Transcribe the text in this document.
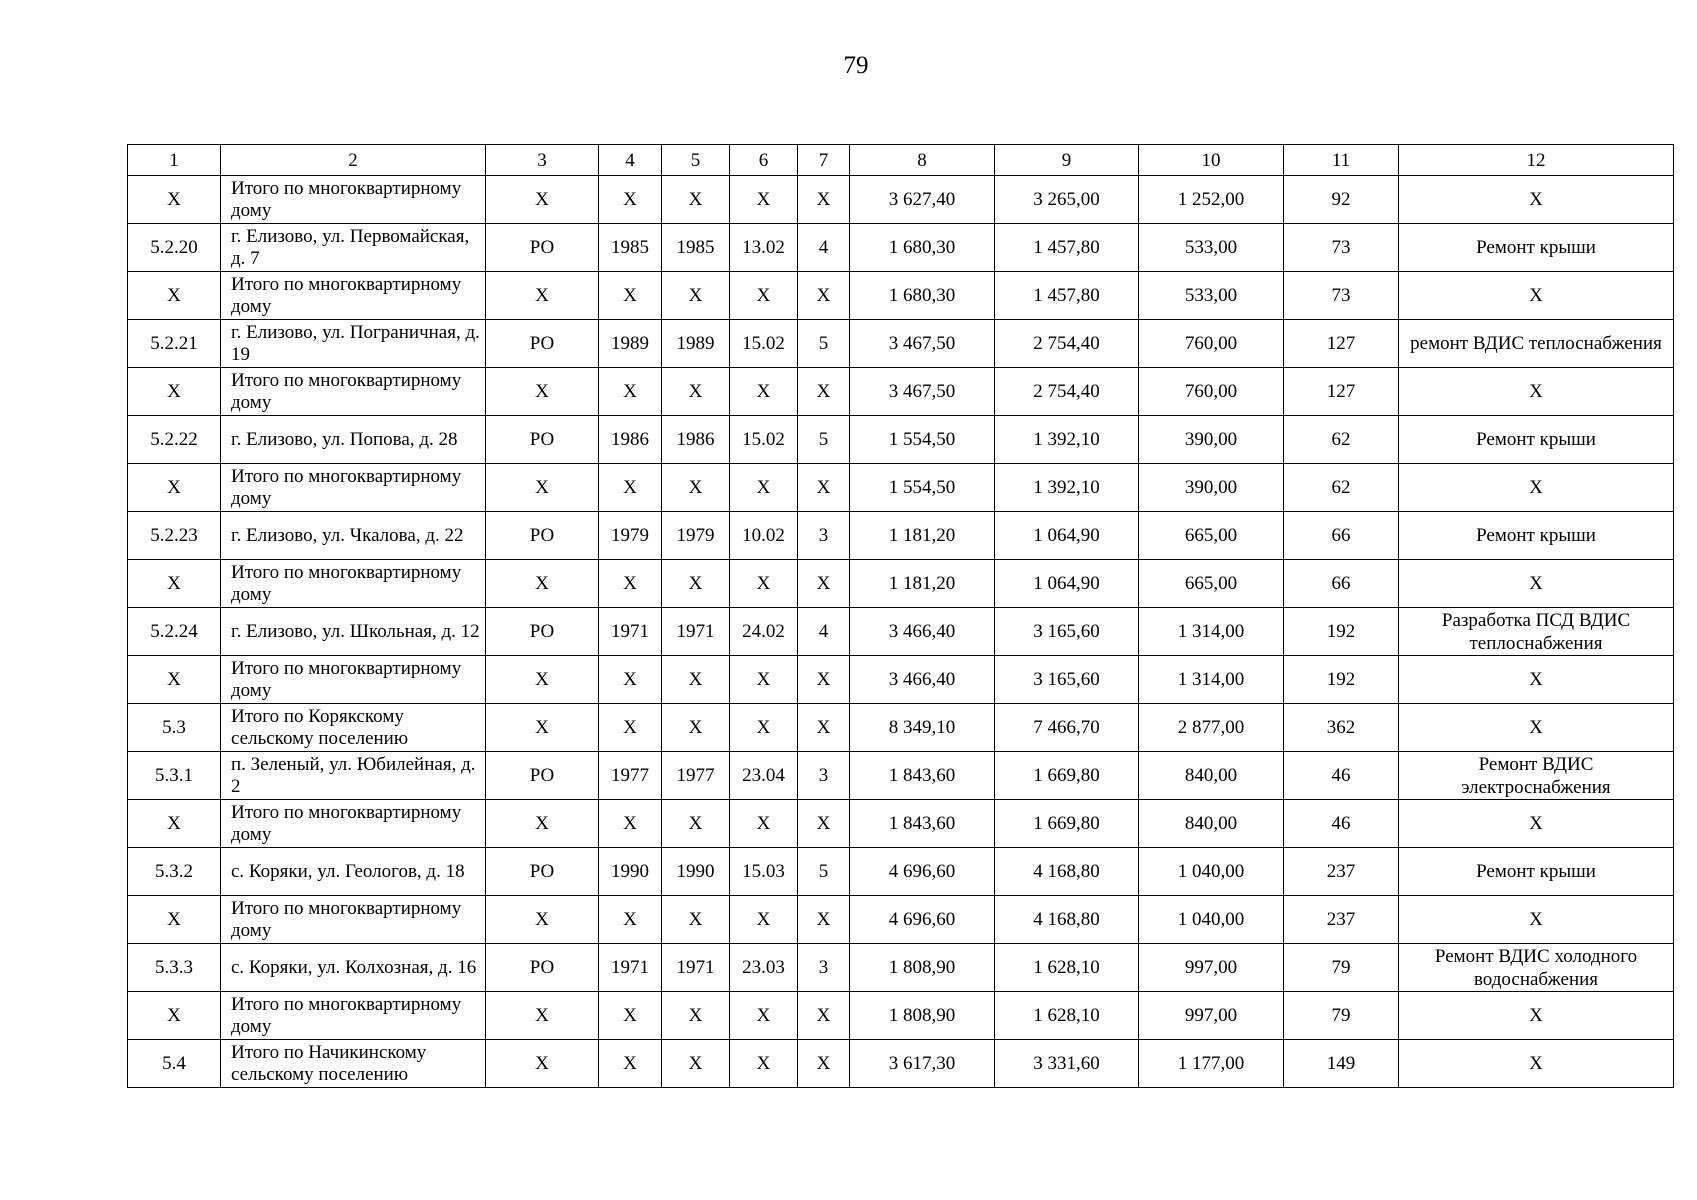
79
1	2	3	4	5	6	7	8	9	10	11	12
Х	Итого по многоквартирному дому	Х	Х	Х	Х	Х	3 627,40	3 265,00	1 252,00	92	Х
5.2.20	г. Елизово, ул. Первомайская, д. 7	РО	1985	1985	13.02	4	1 680,30	1 457,80	533,00	73	Ремонт крыши
Х	Итого по многоквартирному дому	Х	Х	Х	Х	Х	1 680,30	1 457,80	533,00	73	Х
5.2.21	г. Елизово, ул. Пограничная, д. 19	РО	1989	1989	15.02	5	3 467,50	2 754,40	760,00	127	ремонт ВДИС теплоснабжения
Х	Итого по многоквартирному дому	Х	Х	Х	Х	Х	3 467,50	2 754,40	760,00	127	Х
5.2.22	г. Елизово, ул. Попова, д. 28	РО	1986	1986	15.02	5	1 554,50	1 392,10	390,00	62	Ремонт крыши
Х	Итого по многоквартирному дому	Х	Х	Х	Х	Х	1 554,50	1 392,10	390,00	62	Х
5.2.23	г. Елизово, ул. Чкалова, д. 22	РО	1979	1979	10.02	3	1 181,20	1 064,90	665,00	66	Ремонт крыши
Х	Итого по многоквартирному дому	Х	Х	Х	Х	Х	1 181,20	1 064,90	665,00	66	Х
5.2.24	г. Елизово, ул. Школьная, д. 12	РО	1971	1971	24.02	4	3 466,40	3 165,60	1 314,00	192	Разработка ПСД ВДИС теплоснабжения
Х	Итого по многоквартирному дому	Х	Х	Х	Х	Х	3 466,40	3 165,60	1 314,00	192	Х
5.3	Итого по Корякскому сельскому поселению	Х	Х	Х	Х	Х	8 349,10	7 466,70	2 877,00	362	Х
5.3.1	п. Зеленый, ул. Юбилейная, д. 2	РО	1977	1977	23.04	3	1 843,60	1 669,80	840,00	46	Ремонт ВДИС электроснабжения
Х	Итого по многоквартирному дому	Х	Х	Х	Х	Х	1 843,60	1 669,80	840,00	46	Х
5.3.2	с. Коряки, ул. Геологов, д. 18	РО	1990	1990	15.03	5	4 696,60	4 168,80	1 040,00	237	Ремонт крыши
Х	Итого по многоквартирному дому	Х	Х	Х	Х	Х	4 696,60	4 168,80	1 040,00	237	Х
5.3.3	с. Коряки, ул. Колхозная, д. 16	РО	1971	1971	23.03	3	1 808,90	1 628,10	997,00	79	Ремонт ВДИС холодного водоснабжения
Х	Итого по многоквартирному дому	Х	Х	Х	Х	Х	1 808,90	1 628,10	997,00	79	Х
5.4	Итого по Начикинскому сельскому поселению	Х	Х	Х	Х	Х	3 617,30	3 331,60	1 177,00	149	Х
